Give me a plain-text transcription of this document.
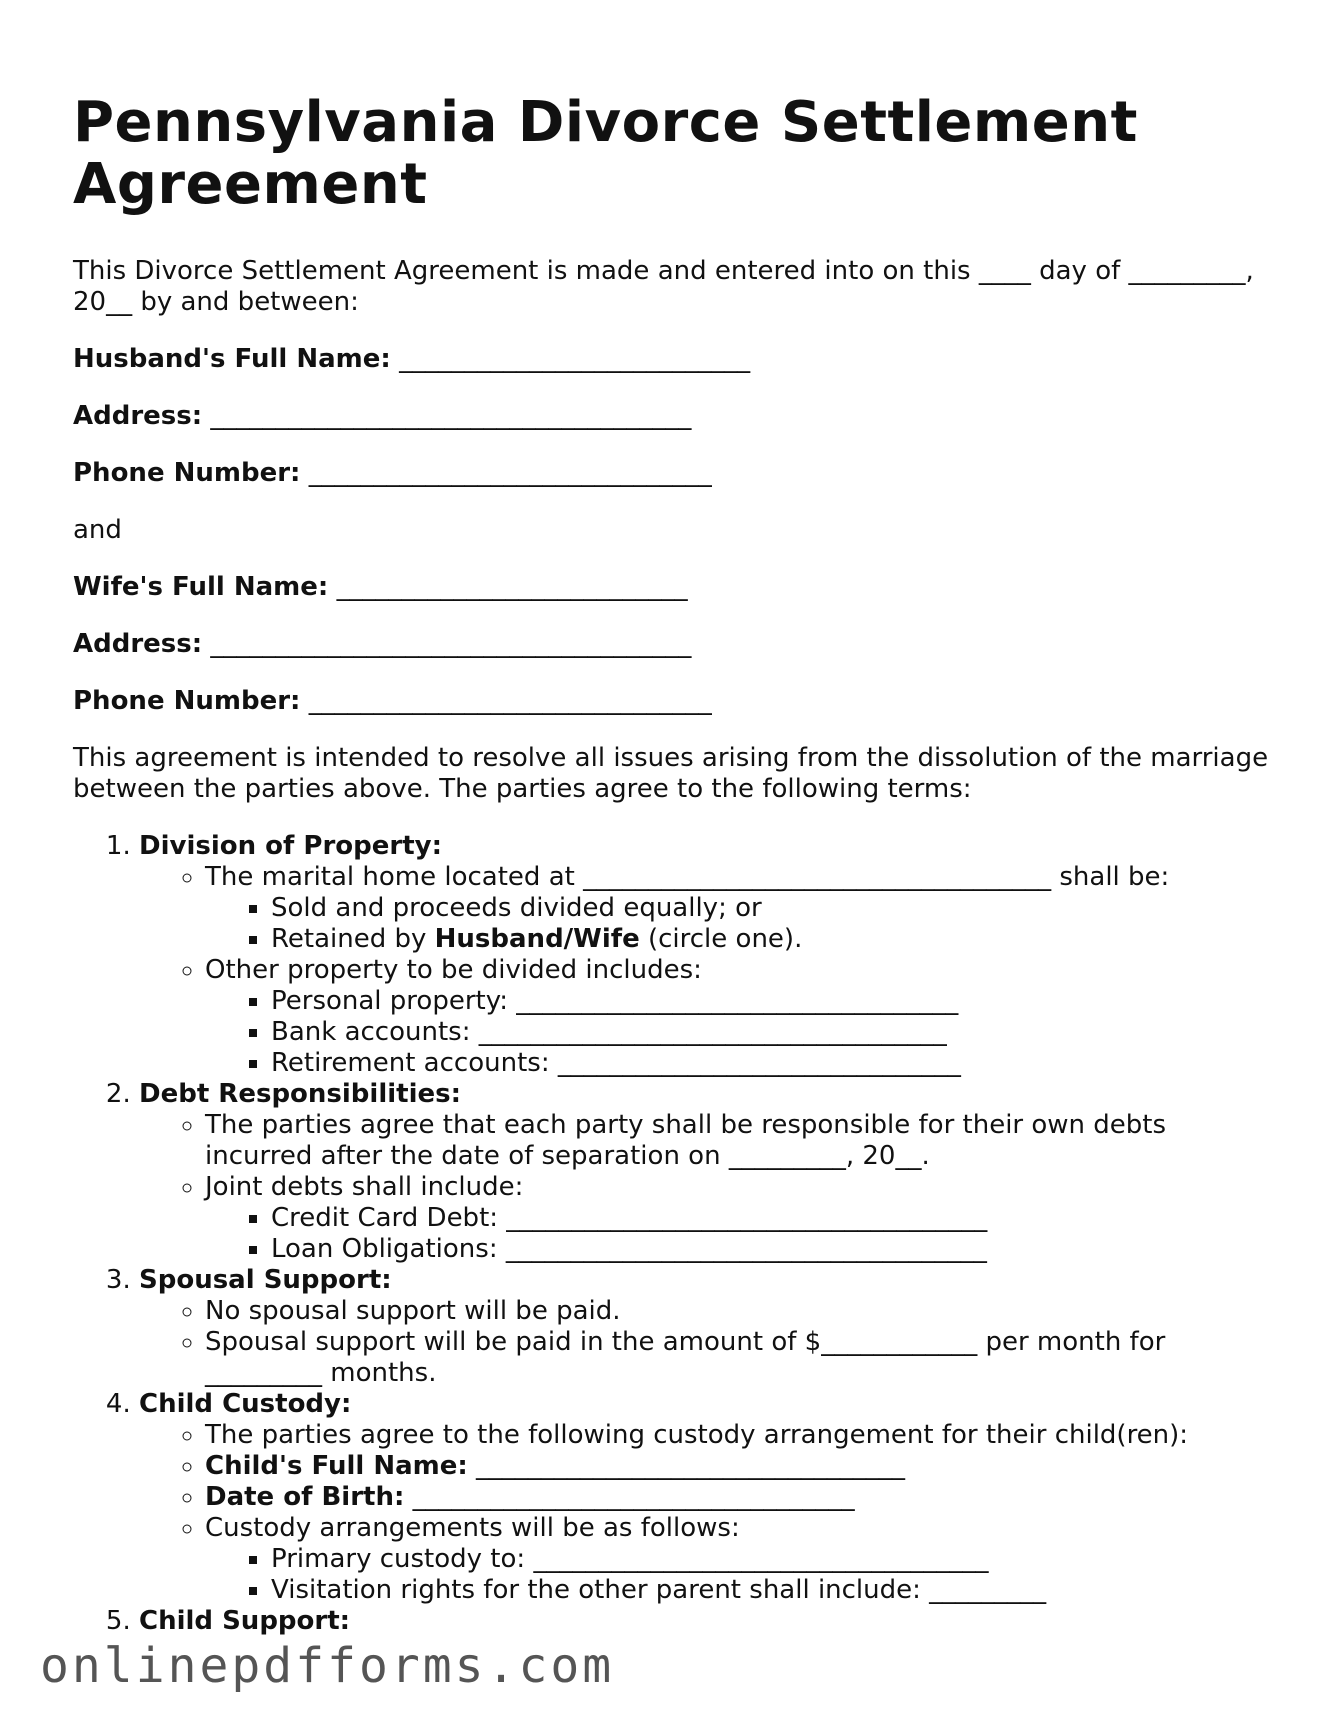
Pennsylvania Divorce Settlement Agreement
This Divorce Settlement Agreement is made and entered into on this ____ day of _________, 20__ by and between:
Husband's Full Name: ___________________________
Address: _____________________________________
Phone Number: _______________________________
and
Wife's Full Name: ___________________________
Address: _____________________________________
Phone Number: _______________________________
This agreement is intended to resolve all issues arising from the dissolution of the marriage between the parties above. The parties agree to the following terms:
1. Division of Property:
◦ The marital home located at ____________________________________ shall be:
▪ Sold and proceeds divided equally; or
▪ Retained by Husband/Wife (circle one).
◦ Other property to be divided includes:
▪ Personal property: __________________________________
▪ Bank accounts: ____________________________________
▪ Retirement accounts: _______________________________
2. Debt Responsibilities:
◦ The parties agree that each party shall be responsible for their own debts incurred after the date of separation on _________, 20__.
◦ Joint debts shall include:
▪ Credit Card Debt: _____________________________________
▪ Loan Obligations: _____________________________________
3. Spousal Support:
◦ No spousal support will be paid.
◦ Spousal support will be paid in the amount of $____________ per month for _________ months.
4. Child Custody:
◦ The parties agree to the following custody arrangement for their child(ren):
◦ Child's Full Name: _________________________________
◦ Date of Birth: __________________________________
◦ Custody arrangements will be as follows:
▪ Primary custody to: ___________________________________
▪ Visitation rights for the other parent shall include: _________
5. Child Support:
onlinepdfforms.com
